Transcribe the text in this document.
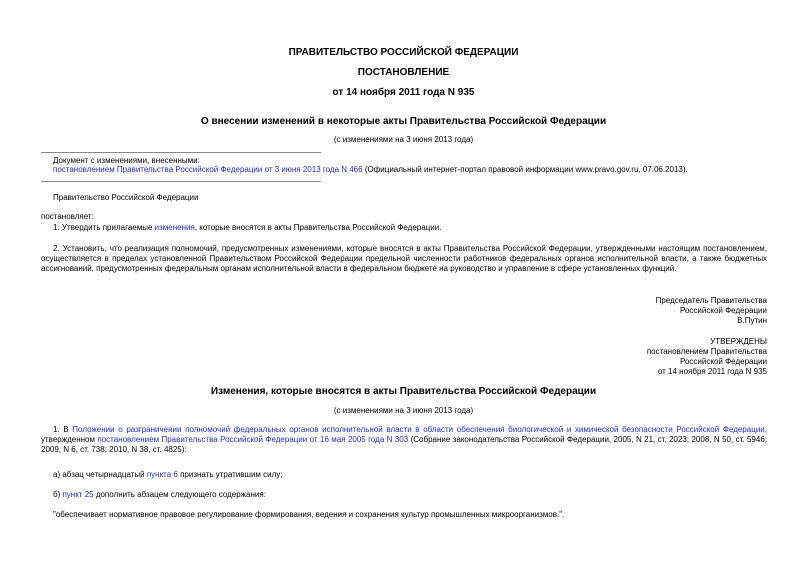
ПРАВИТЕЛЬСТВО РОССИЙСКОЙ ФЕДЕРАЦИИ
ПОСТАНОВЛЕНИЕ
от 14 ноября 2011 года N 935
О внесении изменений в некоторые акты Правительства Российской Федерации
(с изменениями на 3 июня 2013 года)
Документ с изменениями, внесенными:
постановлением Правительства Российской Федерации от 3 июня 2013 года N 466 (Официальный интернет-портал правовой информации www.pravo.gov.ru, 07.06.2013).
Правительство Российской Федерации
постановляет:
1. Утвердить прилагаемые изменения, которые вносятся в акты Правительства Российской Федерации.
2. Установить, что реализация полномочий, предусмотренных изменениями, которые вносятся в акты Правительства Российской Федерации, утвержденными настоящим постановлением, осуществляется в пределах установленной Правительством Российской Федерации предельной численности работников федеральных органов исполнительной власти, а также бюджетных ассигнований, предусмотренных федеральным органам исполнительной власти в федеральном бюджете на руководство и управление в сфере установленных функций.
Председатель Правительства
Российской Федерации
В.Путин
УТВЕРЖДЕНЫ
постановлением Правительства
Российской Федерации
от 14 ноября 2011 года N 935
Изменения, которые вносятся в акты Правительства Российской Федерации
(с изменениями на 3 июня 2013 года)
1. В Положении о разграничении полномочий федеральных органов исполнительной власти в области обеспечения биологической и химической безопасности Российской Федерации, утвержденном постановлением Правительства Российской Федерации от 16 мая 2005 года N 303 (Собрание законодательства Российской Федерации, 2005, N 21, ст. 2023; 2008, N 50, ст. 5946; 2009, N 6, ст. 738; 2010, N 38, ст. 4825):
а) абзац четырнадцатый пункта 6 признать утратившим силу;
б) пункт 25 дополнить абзацем следующего содержания:
"обеспечивает нормативное правовое регулирование формирования, ведения и сохранения культур промышленных микроорганизмов.".
